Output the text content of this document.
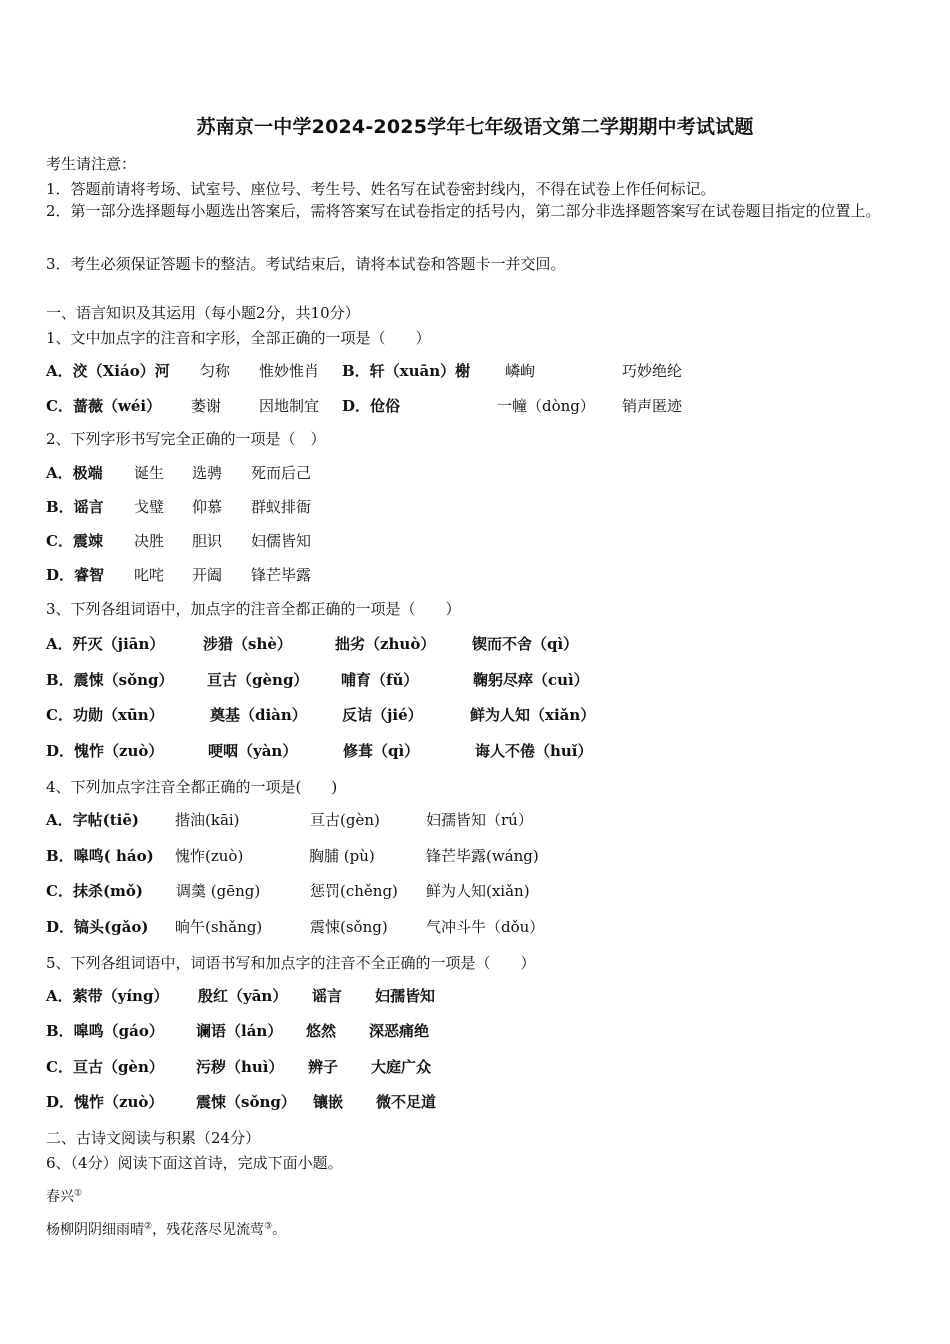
苏南京一中学2024-2025学年七年级语文第二学期期中考试试题
考生请注意：
1．答题前请将考场、试室号、座位号、考生号、姓名写在试卷密封线内，不得在试卷上作任何标记。
2．第一部分选择题每小题选出答案后，需将答案写在试卷指定的括号内，第二部分非选择题答案写在试卷题目指定的位置上。
3．考生必须保证答题卡的整洁。考试结束后，请将本试卷和答题卡一并交回。
一、语言知识及其运用（每小题2分，共10分）
1、文中加点字的注音和字形，全部正确的一项是（　　）
A．洨（Xiáo）河 匀称 惟妙惟肖 B．轩（xuān）榭 嶙峋	巧妙绝纶
C．蔷薇（wéi） 萎谢	因地制宜 D．伧俗	一幢（dòng） 销声匿迹
2、下列字形书写完全正确的一项是（　）
A．极端 诞生 选骋 死而后己
B．谣言 戈璧 仰慕 群蚁排衙
C．震竦 决胜 胆识 妇儒皆知
D．睿智 叱咤 开阖 锋芒毕露
3、下列各组词语中，加点字的注音全都正确的一项是（　　）
A．歼灭（jiān）	涉猎（shè）	拙劣（zhuò） 锲而不舍（qì）
B．震悚（sǒng） 亘古（gèng） 哺育（fǔ）	鞠躬尽瘁（cuì）
C．功勋（xūn）	奠基（diàn） 反诘（jié）	鲜为人知（xiǎn）
D．愧怍（zuò）	哽咽（yàn）	修葺（qì）	诲人不倦（huǐ）
4、下列加点字注音全都正确的一项是(　　)
A．字帖(tiē) 揩油(kāi)	亘古(gèn)	妇孺皆知（rú）
B．嗥鸣( háo) 愧怍(zuò)	胸脯 (pù)	锋芒毕露(wáng)
C．抹杀(mǒ) 调羹 (gēng)	惩罚(chěng) 鲜为人知(xiǎn)
D．镐头(gǎo) 晌午(shǎng)	震悚(sǒng)	气冲斗牛（dǒu）
5、下列各组词语中，词语书写和加点字的注音不全正确的一项是（　　）
A．萦带（yíng） 殷红（yān） 谣言 妇孺皆知
B．嗥鸣（gáo） 谰语（lán） 悠然 深恶痛绝
C．亘古（gèn） 污秽（huì） 辨子 大庭广众
D．愧怍（zuò） 震悚（sǒng） 镶嵌 微不足道
二、古诗文阅读与积累（24分）
6、（4分）阅读下面这首诗，完成下面小题。
春兴①
杨柳阴阴细雨晴②，残花落尽见流莺③。
